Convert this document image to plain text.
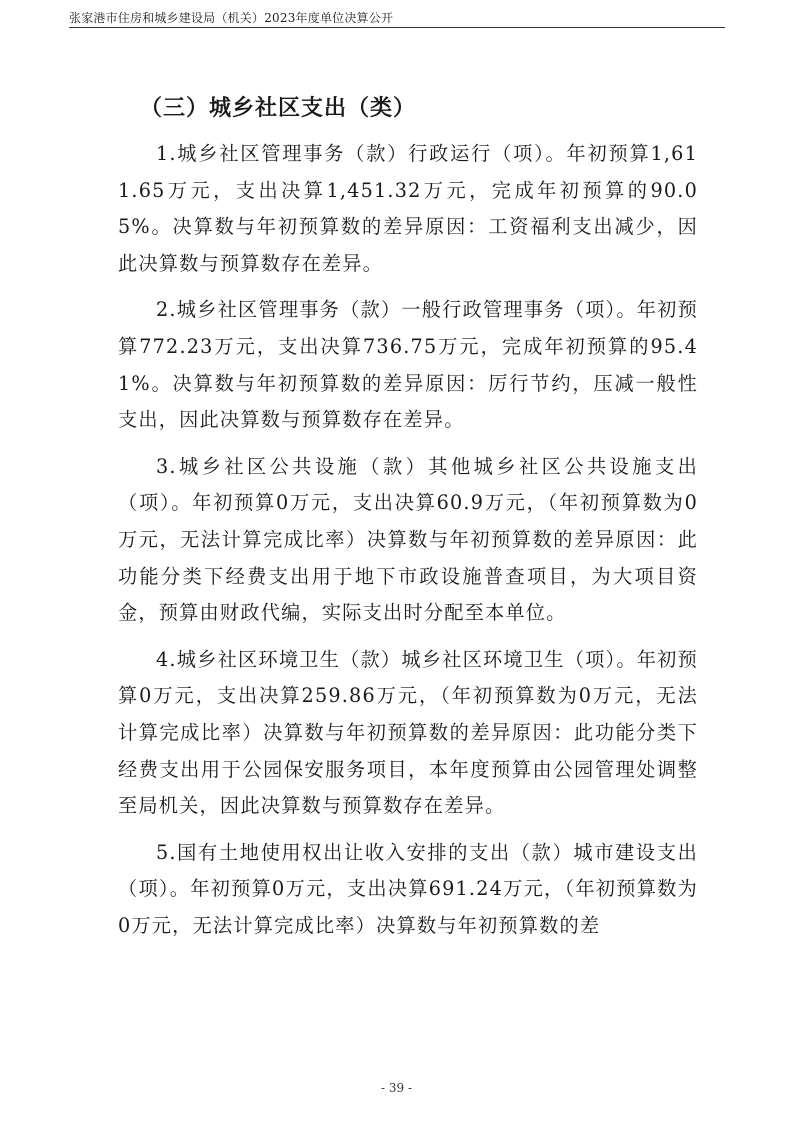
张家港市住房和城乡建设局（机关）2023年度单位决算公开
（三）城乡社区支出（类）

1.城乡社区管理事务（款）行政运行（项）。年初预算1,611.65万元，支出决算1,451.32万元，完成年初预算的90.05%。决算数与年初预算数的差异原因：工资福利支出减少，因此决算数与预算数存在差异。

2.城乡社区管理事务（款）一般行政管理事务（项）。年初预算772.23万元，支出决算736.75万元，完成年初预算的95.41%。决算数与年初预算数的差异原因：厉行节约，压减一般性支出，因此决算数与预算数存在差异。

3.城乡社区公共设施（款）其他城乡社区公共设施支出（项）。年初预算0万元，支出决算60.9万元，（年初预算数为0万元，无法计算完成比率）决算数与年初预算数的差异原因：此功能分类下经费支出用于地下市政设施普查项目，为大项目资金，预算由财政代编，实际支出时分配至本单位。

4.城乡社区环境卫生（款）城乡社区环境卫生（项）。年初预算0万元，支出决算259.86万元，（年初预算数为0万元，无法计算完成比率）决算数与年初预算数的差异原因：此功能分类下经费支出用于公园保安服务项目，本年度预算由公园管理处调整至局机关，因此决算数与预算数存在差异。

5.国有土地使用权出让收入安排的支出（款）城市建设支出（项）。年初预算0万元，支出决算691.24万元，（年初预算数为0万元，无法计算完成比率）决算数与年初预算数的差

- 39 -
